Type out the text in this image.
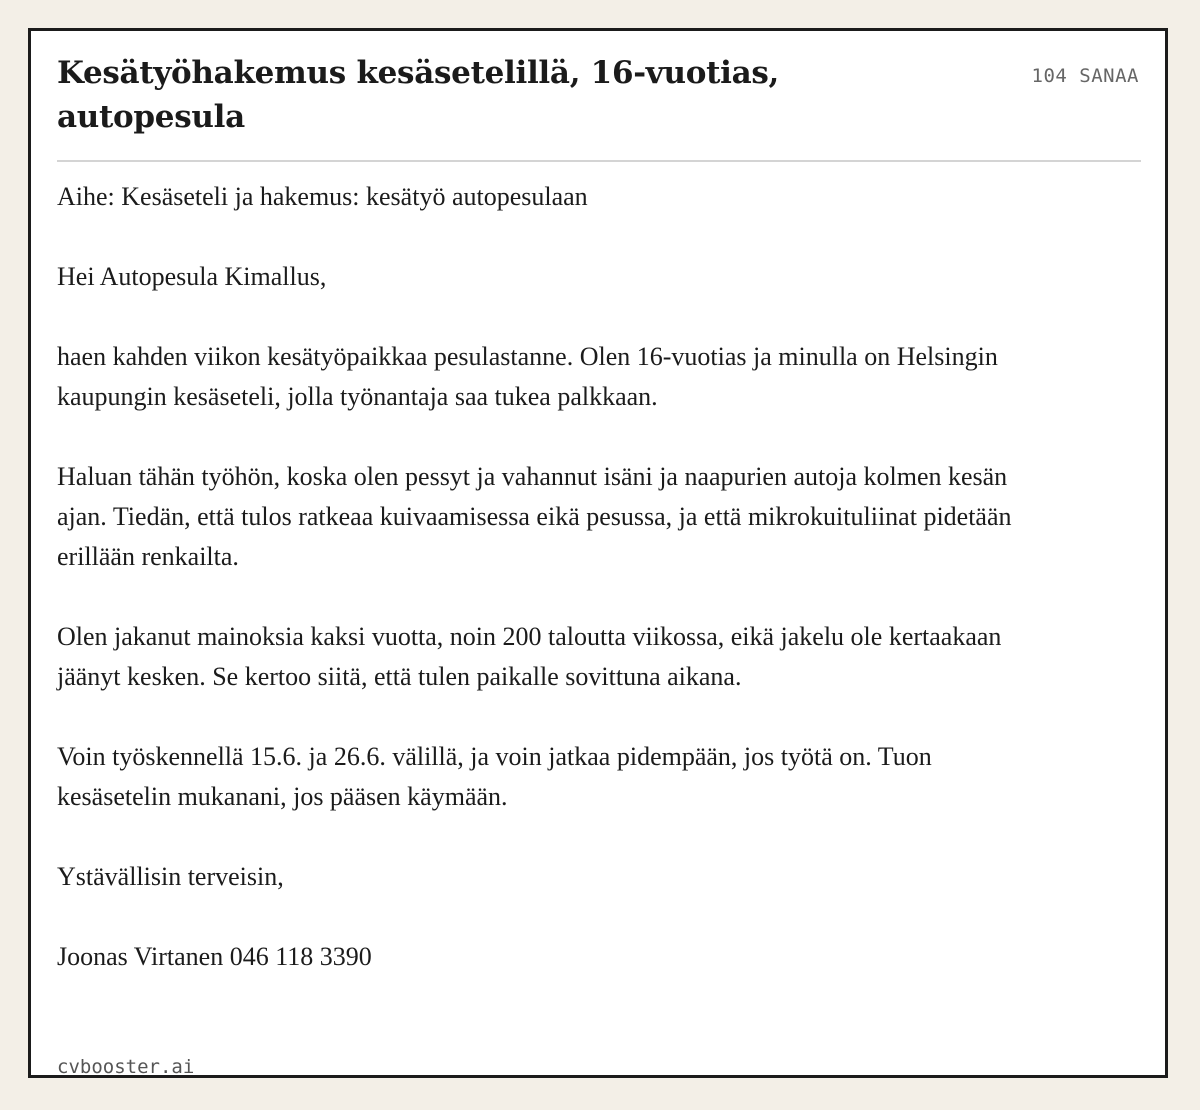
Kesätyöhakemus kesäsetelillä, 16-vuotias, autopesula
104 SANAA

Aihe: Kesäseteli ja hakemus: kesätyö autopesulaan

Hei Autopesula Kimallus,

haen kahden viikon kesätyöpaikkaa pesulastanne. Olen 16-vuotias ja minulla on Helsingin kaupungin kesäseteli, jolla työnantaja saa tukea palkkaan.

Haluan tähän työhön, koska olen pessyt ja vahannut isäni ja naapurien autoja kolmen kesän ajan. Tiedän, että tulos ratkeaa kuivaamisessa eikä pesussa, ja että mikrokuituliinat pidetään erillään renkailta.

Olen jakanut mainoksia kaksi vuotta, noin 200 taloutta viikossa, eikä jakelu ole kertaakaan jäänyt kesken. Se kertoo siitä, että tulen paikalle sovittuna aikana.

Voin työskennellä 15.6. ja 26.6. välillä, ja voin jatkaa pidempään, jos työtä on. Tuon kesäsetelin mukanani, jos pääsen käymään.

Ystävällisin terveisin,

Joonas Virtanen 046 118 3390

cvbooster.ai
